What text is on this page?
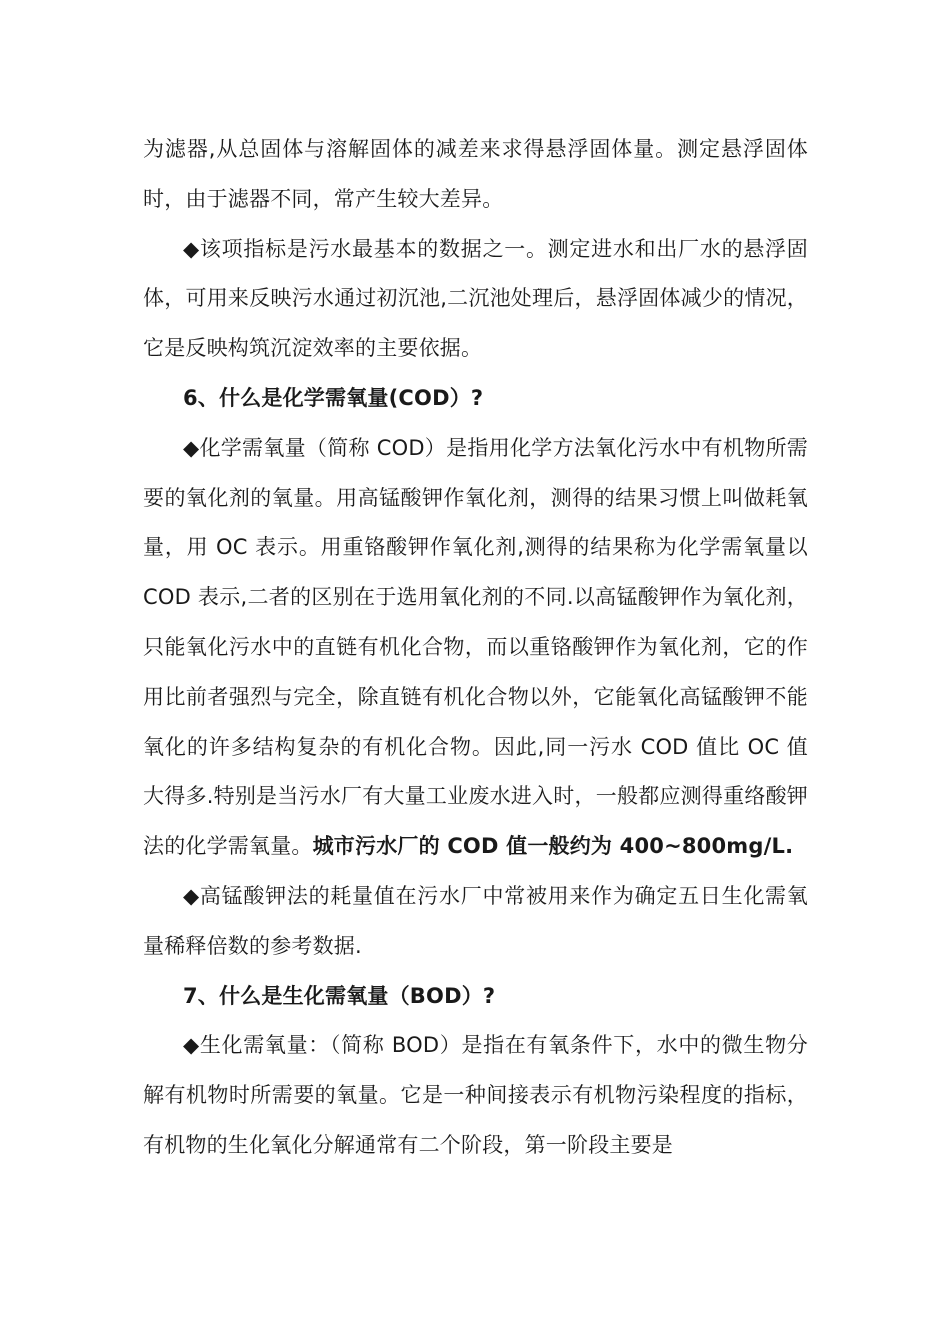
为滤器,从总固体与溶解固体的减差来求得悬浮固体量。测定悬浮固体时，由于滤器不同，常产生较大差异。

◆该项指标是污水最基本的数据之一。测定进水和出厂水的悬浮固体，可用来反映污水通过初沉池,二沉池处理后，悬浮固体减少的情况，它是反映构筑沉淀效率的主要依据。

6、什么是化学需氧量(COD）?

◆化学需氧量（简称 COD）是指用化学方法氧化污水中有机物所需要的氧化剂的氧量。用高锰酸钾作氧化剂，测得的结果习惯上叫做耗氧量，用 OC 表示。用重铬酸钾作氧化剂,测得的结果称为化学需氧量以 COD 表示,二者的区别在于选用氧化剂的不同.以高锰酸钾作为氧化剂，只能氧化污水中的直链有机化合物，而以重铬酸钾作为氧化剂，它的作用比前者强烈与完全，除直链有机化合物以外，它能氧化高锰酸钾不能氧化的许多结构复杂的有机化合物。因此,同一污水 COD 值比 OC 值大得多.特别是当污水厂有大量工业废水进入时，一般都应测得重络酸钾法的化学需氧量。城市污水厂的 COD 值一般约为 400~800mg/L.

◆高锰酸钾法的耗量值在污水厂中常被用来作为确定五日生化需氧量稀释倍数的参考数据.

7、什么是生化需氧量（BOD）?

◆生化需氧量：（简称 BOD）是指在有氧条件下，水中的微生物分解有机物时所需要的氧量。它是一种间接表示有机物污染程度的指标，有机物的生化氧化分解通常有二个阶段，第一阶段主要是
